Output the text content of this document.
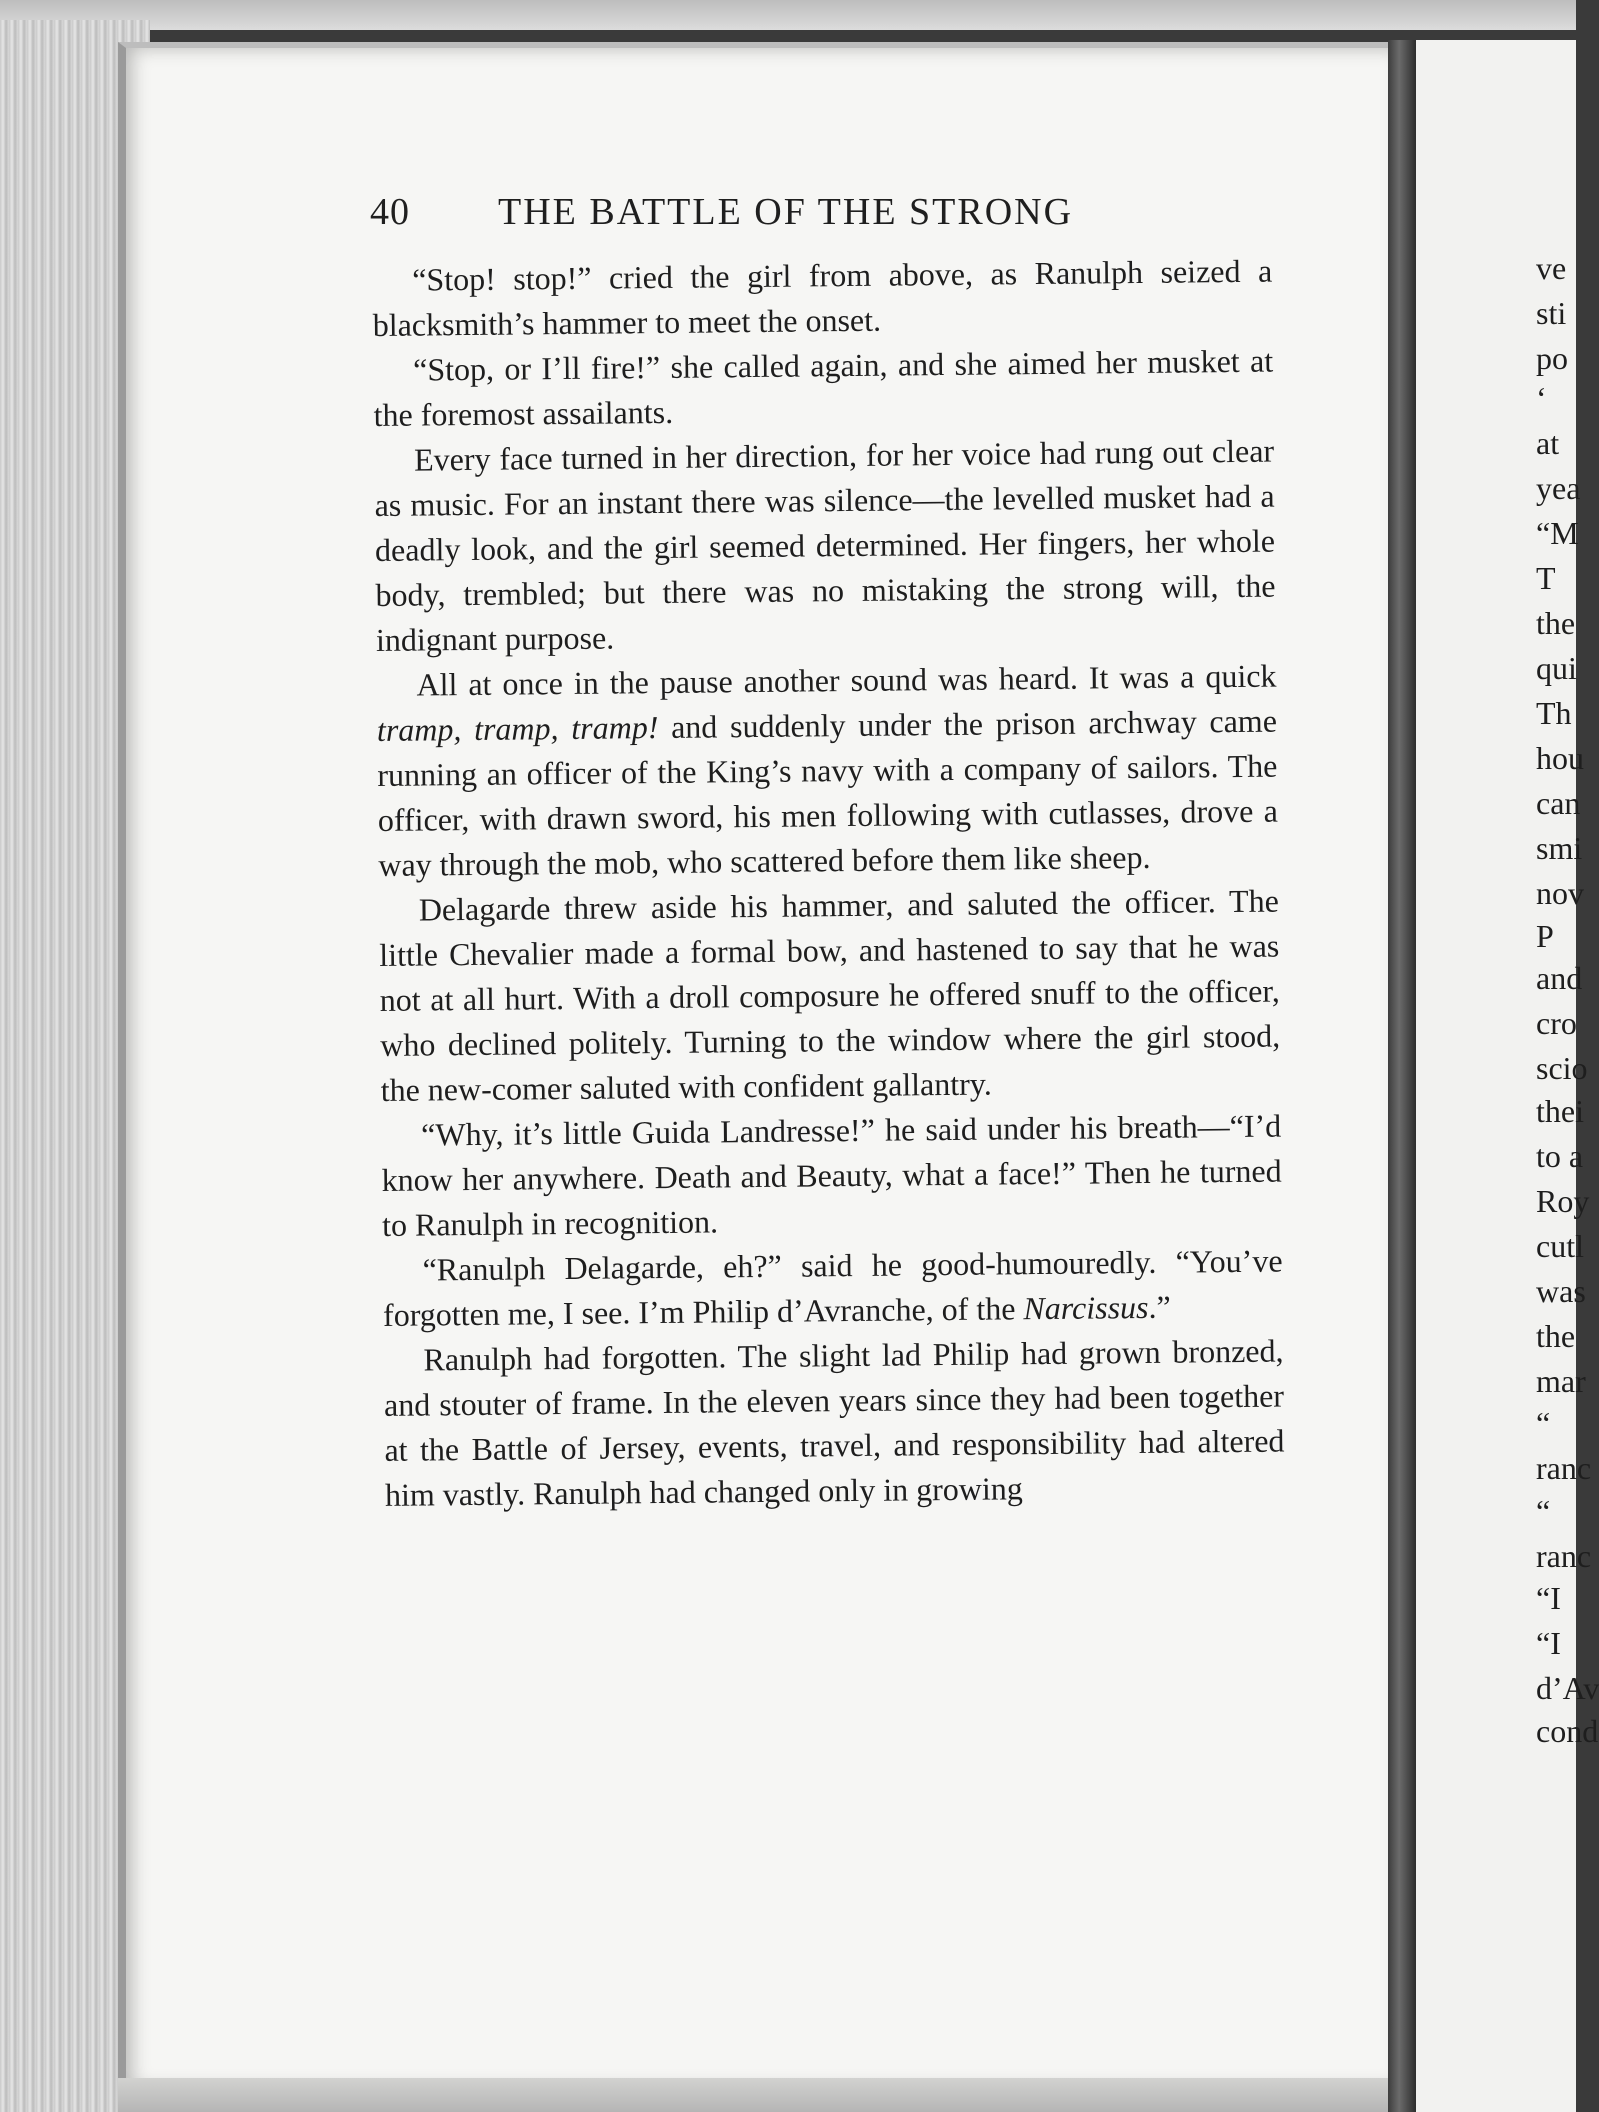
40 THE BATTLE OF THE STRONG

“Stop! stop!” cried the girl from above, as Ranulph seized a blacksmith’s hammer to meet the onset.

“Stop, or I’ll fire!” she called again, and she aimed her musket at the foremost assailants.

Every face turned in her direction, for her voice had rung out clear as music. For an instant there was silence—the levelled musket had a deadly look, and the girl seemed determined. Her fingers, her whole body, trembled; but there was no mistaking the strong will, the indignant purpose.

All at once in the pause another sound was heard. It was a quick tramp, tramp, tramp! and suddenly under the prison archway came running an officer of the King’s navy with a company of sailors. The officer, with drawn sword, his men following with cutlasses, drove a way through the mob, who scattered before them like sheep.

Delagarde threw aside his hammer, and saluted the officer. The little Chevalier made a formal bow, and hastened to say that he was not at all hurt. With a droll composure he offered snuff to the officer, who declined politely. Turning to the window where the girl stood, the new-comer saluted with confident gallantry.

“Why, it’s little Guida Landresse!” he said under his breath—“I’d know her anywhere. Death and Beauty, what a face!” Then he turned to Ranulph in recognition.

“Ranulph Delagarde, eh?” said he good-humouredly. “You’ve forgotten me, I see. I’m Philip d’Avranche, of the Narcissus.”

Ranulph had forgotten. The slight lad Philip had grown bronzed, and stouter of frame. In the eleven years since they had been together at the Battle of Jersey, events, travel, and responsibility had altered him vastly. Ranulph had changed only in growing

ve
sti
po
‘
at
yea
“M
T
the
qui
Th
hou
can
smi
nov
P
and
cro
scio
thei
to a
Roy
cutl
was
the
mar
“
ranc
“
ranc
“I
“I
d’Av
cond
